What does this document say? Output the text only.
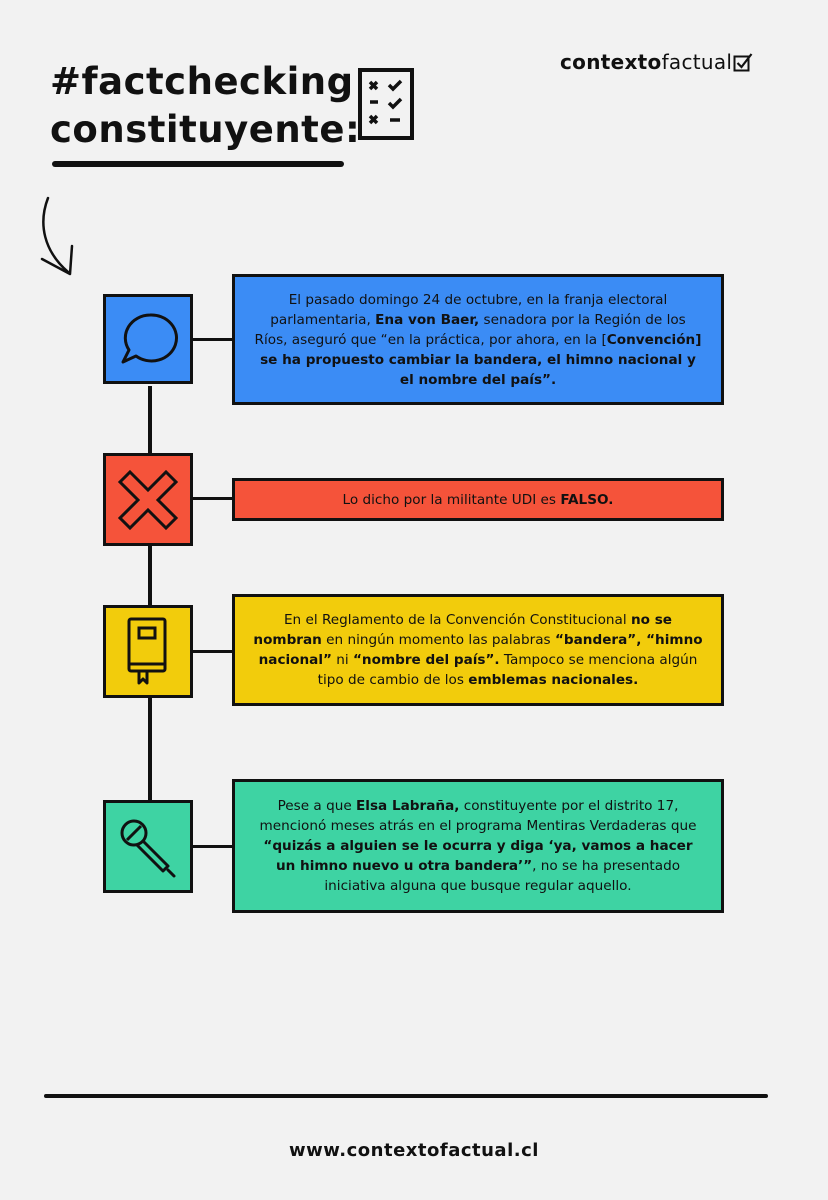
#factchecking
constituyente:
contextofactual

El pasado domingo 24 de octubre, en la franja electoral parlamentaria, Ena von Baer, senadora por la Región de los Ríos, aseguró que “en la práctica, por ahora, en la [Convención] se ha propuesto cambiar la bandera, el himno nacional y el nombre del país”.

Lo dicho por la militante UDI es FALSO.

En el Reglamento de la Convención Constitucional no se nombran en ningún momento las palabras “bandera”, “himno nacional” ni “nombre del país”. Tampoco se menciona algún tipo de cambio de los emblemas nacionales.

Pese a que Elsa Labraña, constituyente por el distrito 17, mencionó meses atrás en el programa Mentiras Verdaderas que “quizás a alguien se le ocurra y diga ‘ya, vamos a hacer un himno nuevo u otra bandera’”, no se ha presentado iniciativa alguna que busque regular aquello.

www.contextofactual.cl
